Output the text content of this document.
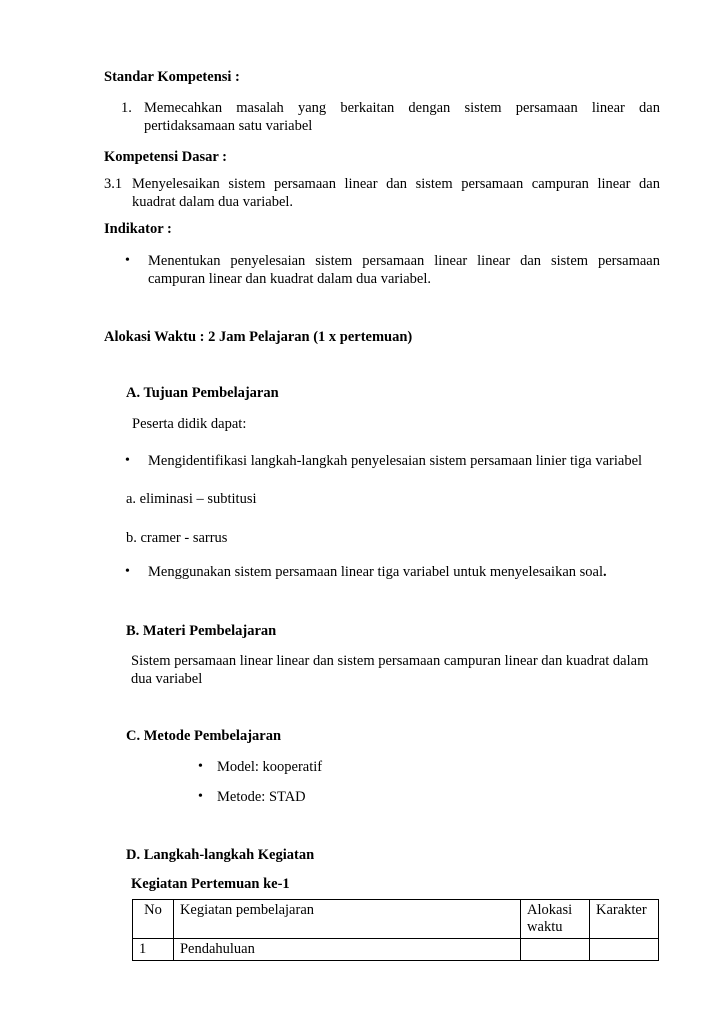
Standar Kompetensi :
1. Memecahkan masalah yang berkaitan dengan sistem persamaan linear dan
pertidaksamaan satu variabel
Kompetensi Dasar :
3.1 Menyelesaikan sistem persamaan linear dan sistem persamaan campuran linear dan
kuadrat dalam dua variabel.
Indikator :
• Menentukan penyelesaian sistem persamaan linear linear dan sistem persamaan
campuran linear dan kuadrat dalam dua variabel.
Alokasi Waktu : 2 Jam Pelajaran (1 x pertemuan)
A. Tujuan Pembelajaran
Peserta didik dapat:
• Mengidentifikasi langkah-langkah penyelesaian sistem persamaan linier tiga variabel
a. eliminasi – subtitusi
b. cramer - sarrus
• Menggunakan sistem persamaan linear tiga variabel untuk menyelesaikan soal.
B. Materi Pembelajaran
Sistem persamaan linear linear dan sistem persamaan campuran linear dan kuadrat dalam
dua variabel
C. Metode Pembelajaran
• Model: kooperatif
• Metode: STAD
D. Langkah-langkah Kegiatan
Kegiatan Pertemuan ke-1
No	Kegiatan pembelajaran	Alokasi waktu	Karakter
1	Pendahuluan		
